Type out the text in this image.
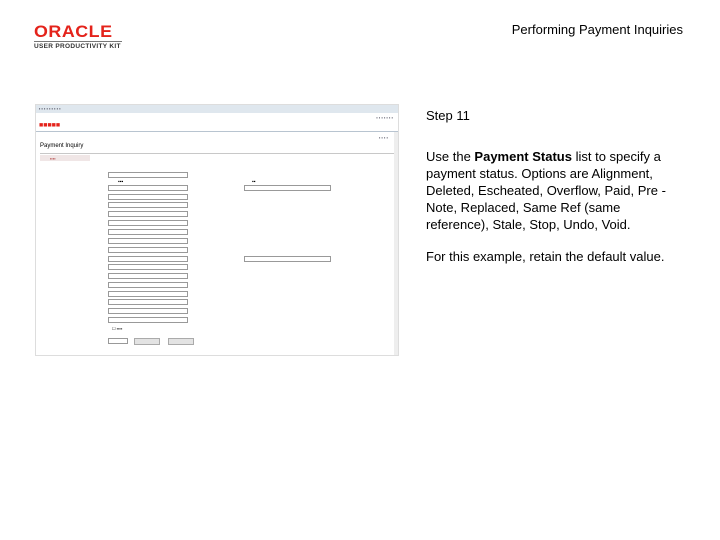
ORACLE
USER PRODUCTIVITY KIT
Performing Payment Inquiries
▪ ▪ ▪ ▪ ▪ ▪ ▪ ▪ ▪
■■■■■
▪ ▪ ▪ ▪ ▪ ▪ ▪
▪ ▪ ▪ ▪
Payment Inquiry
▪▪▪▪
▪▪▪	▪▪
☐ ▪▪▪▪
Step 11
Use the Payment Status list to specify a payment status. Options are Alignment, Deleted, Escheated, Overflow, Paid, Pre -Note, Replaced, Same Ref (same reference), Stale, Stop, Undo, Void.
For this example, retain the default value.
